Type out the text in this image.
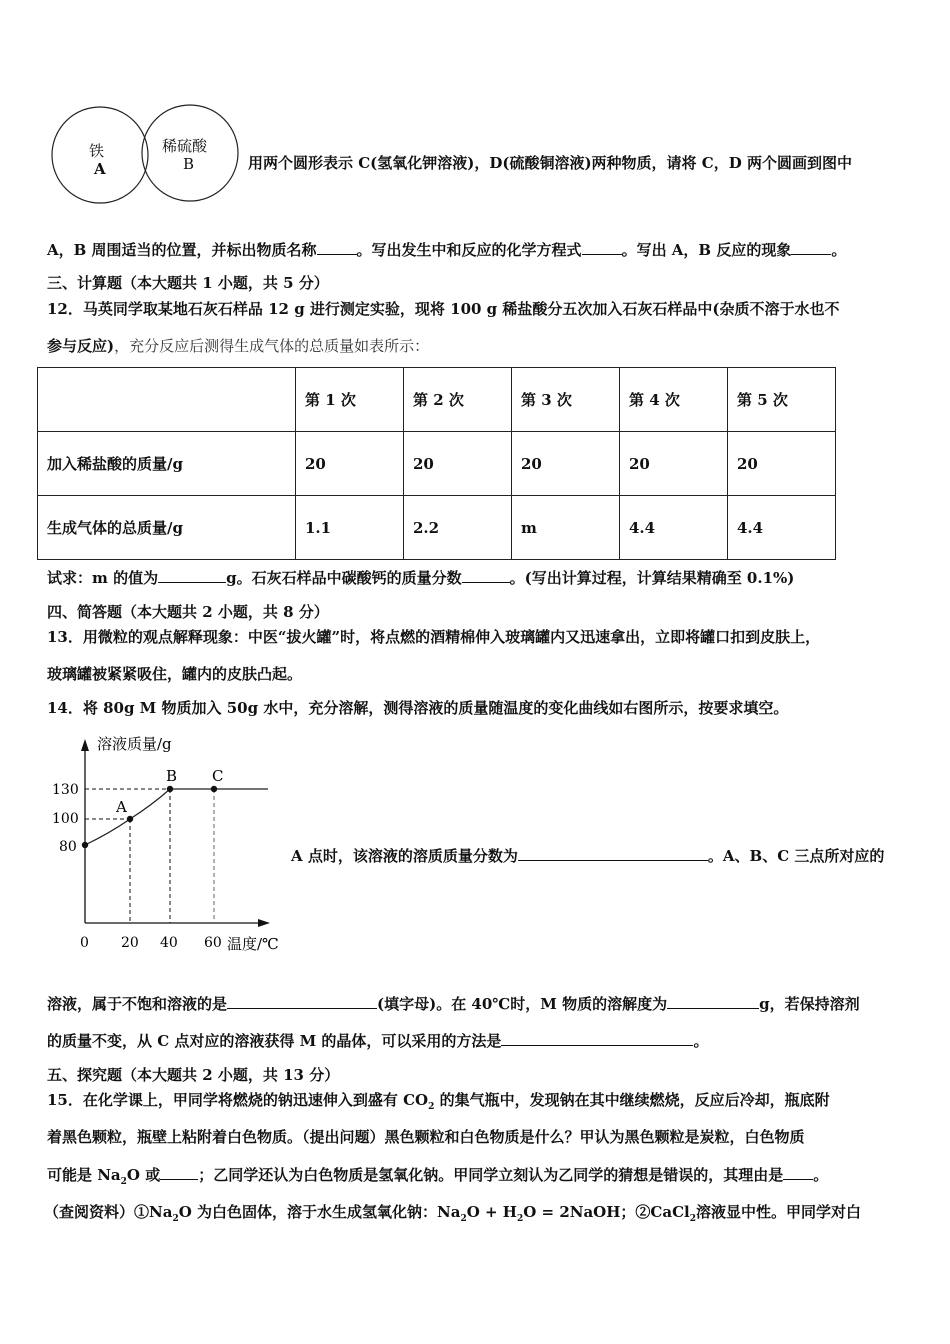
铁
A
稀硫酸
B	用两个圆形表示 C(氢氧化钾溶液)，D(硫酸铜溶液)两种物质，请将 C，D 两个圆画到图中
A，B 周围适当的位置，并标出物质名称	。写出发生中和反应的化学方程式	。写出 A，B 反应的现象	。
三、计算题（本大题共 1 小题，共 5 分）
12．马英同学取某地石灰石样品 12 g 进行测定实验，现将 100 g 稀盐酸分五次加入石灰石样品中(杂质不溶于水也不
参与反应)，充分反应后测得生成气体的总质量如表所示：
	第 1 次	第 2 次	第 3 次	第 4 次	第 5 次
加入稀盐酸的质量/g	20	20	20	20	20
生成气体的总质量/g	1.1	2.2	m	4.4	4.4
试求：m 的值为	g。石灰石样品中碳酸钙的质量分数	。(写出计算过程，计算结果精确至 0.1%)
四、简答题（本大题共 2 小题，共 8 分）
13．用微粒的观点解释现象：中医“拔火罐”时，将点燃的酒精棉伸入玻璃罐内又迅速拿出，立即将罐口扣到皮肤上，
玻璃罐被紧紧吸住，罐内的皮肤凸起。
14．将 80g M 物质加入 50g 水中，充分溶解，测得溶液的质量随温度的变化曲线如右图所示，按要求填空。
A
B C
130
100
80
0 20 40 60 温度/℃
溶液质量/g
A 点时，该溶液的溶质质量分数为	。A、B、C 三点所对应的
溶液，属于不饱和溶液的是	(填字母)。在 40℃时，M 物质的溶解度为	g，若保持溶剂
的质量不变，从 C 点对应的溶液获得 M 的晶体，可以采用的方法是	。
五、探究题（本大题共 2 小题，共 13 分）
15．在化学课上，甲同学将燃烧的钠迅速伸入到盛有 $CO_2$ 的集气瓶中，发现钠在其中继续燃烧，反应后冷却，瓶底附
着黑色颗粒，瓶壁上粘附着白色物质。（提出问题）黑色颗粒和白色物质是什么？甲认为黑色颗粒是炭粒，白色物质
可能是 $Na_2O$ 或	；乙同学还认为白色物质是氢氧化钠。甲同学立刻认为乙同学的猜想是错误的，其理由是 。
（查阅资料）$①Na_2O$ 为白色固体，溶于水生成氢氧化钠：$Na_2O + H_2O$ = 2NaOH；②CaCl$_2$溶液显中性。甲同学对白
